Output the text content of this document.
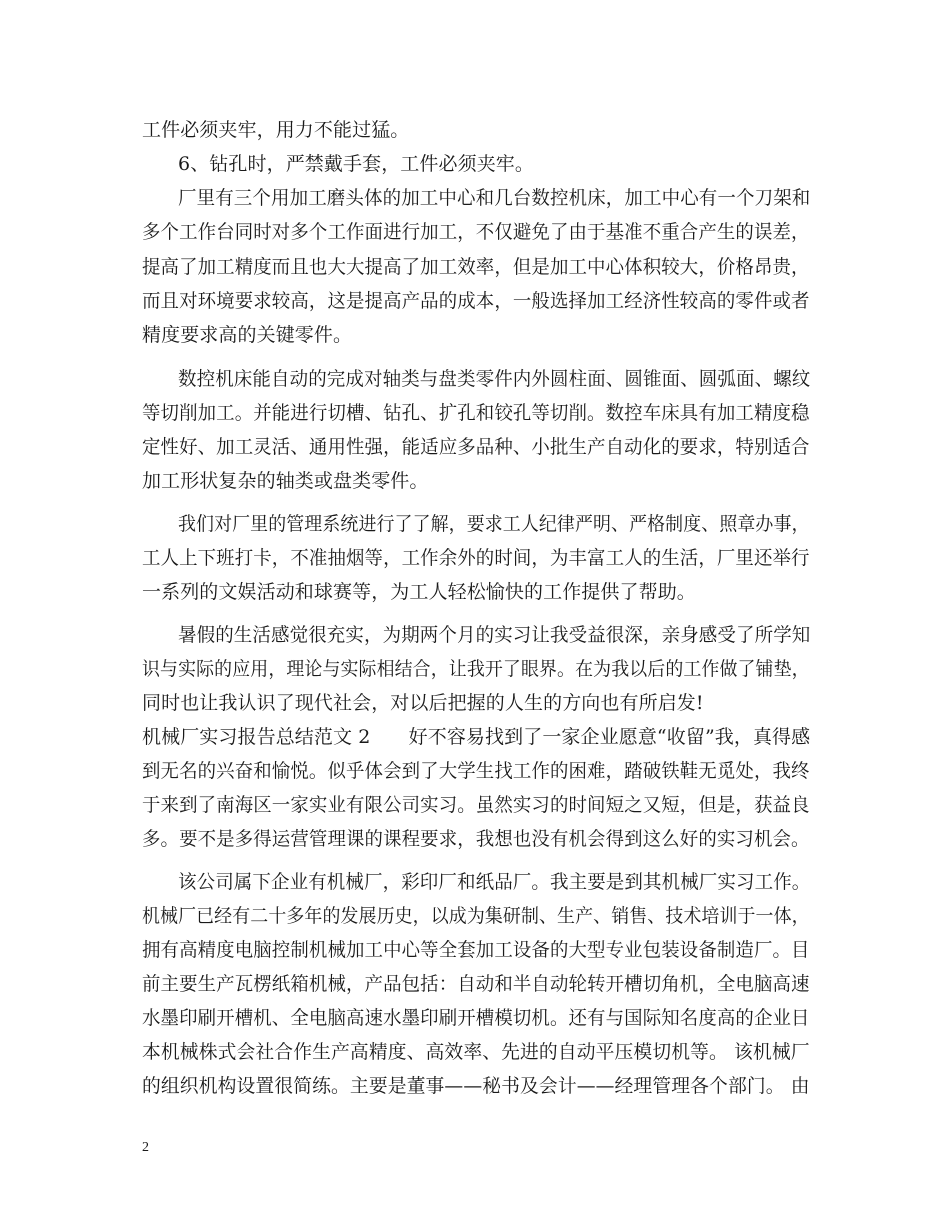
工件必须夹牢，用力不能过猛。
6、钻孔时，严禁戴手套，工件必须夹牢。
厂里有三个用加工磨头体的加工中心和几台数控机床，加工中心有一个刀架和
多个工作台同时对多个工作面进行加工，不仅避免了由于基准不重合产生的误差，
提高了加工精度而且也大大提高了加工效率，但是加工中心体积较大，价格昂贵，
而且对环境要求较高，这是提高产品的成本，一般选择加工经济性较高的零件或者
精度要求高的关键零件。
数控机床能自动的完成对轴类与盘类零件内外圆柱面、圆锥面、圆弧面、螺纹
等切削加工。并能进行切槽、钻孔、扩孔和铰孔等切削。数控车床具有加工精度稳
定性好、加工灵活、通用性强，能适应多品种、小批生产自动化的要求，特别适合
加工形状复杂的轴类或盘类零件。
我们对厂里的管理系统进行了了解，要求工人纪律严明、严格制度、照章办事，
工人上下班打卡，不准抽烟等，工作余外的时间，为丰富工人的生活，厂里还举行
一系列的文娱活动和球赛等，为工人轻松愉快的工作提供了帮助。
暑假的生活感觉很充实，为期两个月的实习让我受益很深，亲身感受了所学知
识与实际的应用，理论与实际相结合，让我开了眼界。在为我以后的工作做了铺垫，
同时也让我认识了现代社会，对以后把握的人生的方向也有所启发!
机械厂实习报告总结范文 2　　好不容易找到了一家企业愿意“收留”我，真得感
到无名的兴奋和愉悦。似乎体会到了大学生找工作的困难，踏破铁鞋无觅处，我终
于来到了南海区一家实业有限公司实习。虽然实习的时间短之又短，但是，获益良
多。要不是多得运营管理课的课程要求，我想也没有机会得到这么好的实习机会。
该公司属下企业有机械厂，彩印厂和纸品厂。我主要是到其机械厂实习工作。
机械厂已经有二十多年的发展历史，以成为集研制、生产、销售、技术培训于一体，
拥有高精度电脑控制机械加工中心等全套加工设备的大型专业包装设备制造厂。目
前主要生产瓦楞纸箱机械，产品包括：自动和半自动轮转开槽切角机，全电脑高速
水墨印刷开槽机、全电脑高速水墨印刷开槽模切机。还有与国际知名度高的企业日
本机械株式会社合作生产高精度、高效率、先进的自动平压模切机等。 该机械厂
的组织机构设置很简练。主要是董事——秘书及会计——经理管理各个部门。 由
2
